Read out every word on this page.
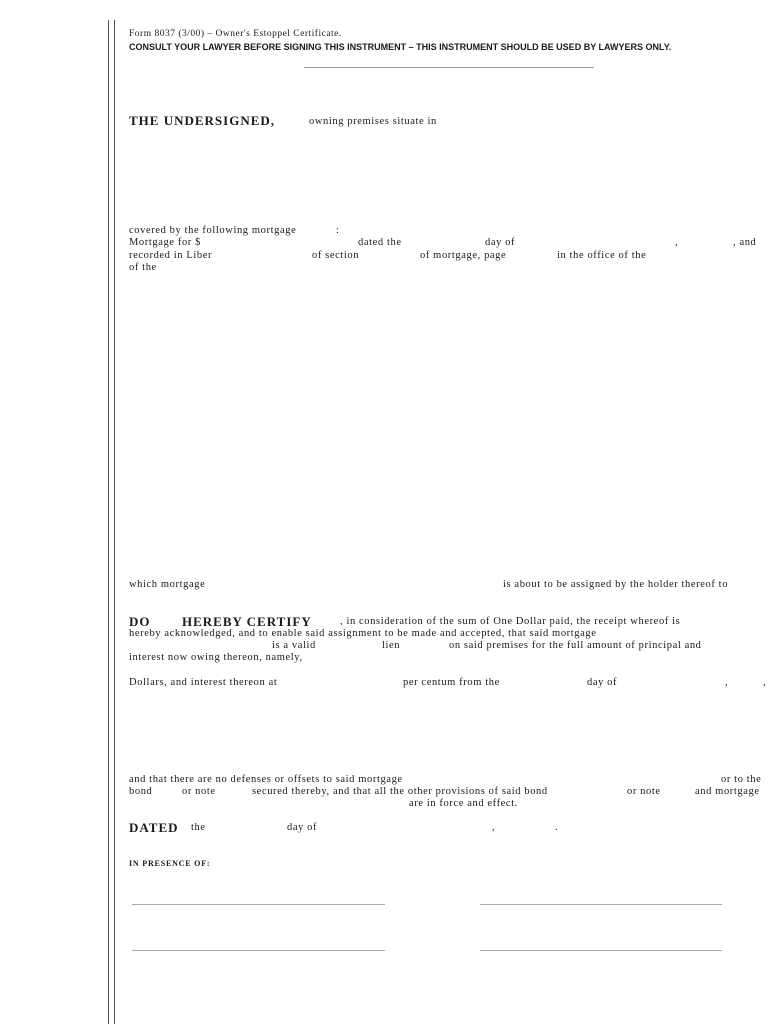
Form 8037 (3/00) – Owner's Estoppel Certificate.
CONSULT YOUR LAWYER BEFORE SIGNING THIS INSTRUMENT – THIS INSTRUMENT SHOULD BE USED BY LAWYERS ONLY.
THE UNDERSIGNED,	owning premises situate in
covered by the following mortgage	:
Mortgage for $	dated the	day of	,	, and
recorded in Liber	of section	of mortgage, page	in the office of the
of the
which mortgage	is about to be assigned by the holder thereof to
DO HEREBY CERTIFY	, in consideration of the sum of One Dollar paid, the receipt whereof is
hereby acknowledged, and to enable said assignment to be made and accepted, that said mortgage
is a valid	lien	on said premises for the full amount of principal and
interest now owing thereon, namely,
Dollars, and interest thereon at	per centum from the	day of	,	,
and that there are no defenses or offsets to said mortgage	or to the
bond	or note	secured thereby, and that all the other provisions of said bond	or note	and mortgage
are in force and effect.
DATED the	day of	,	.
IN PRESENCE OF:
